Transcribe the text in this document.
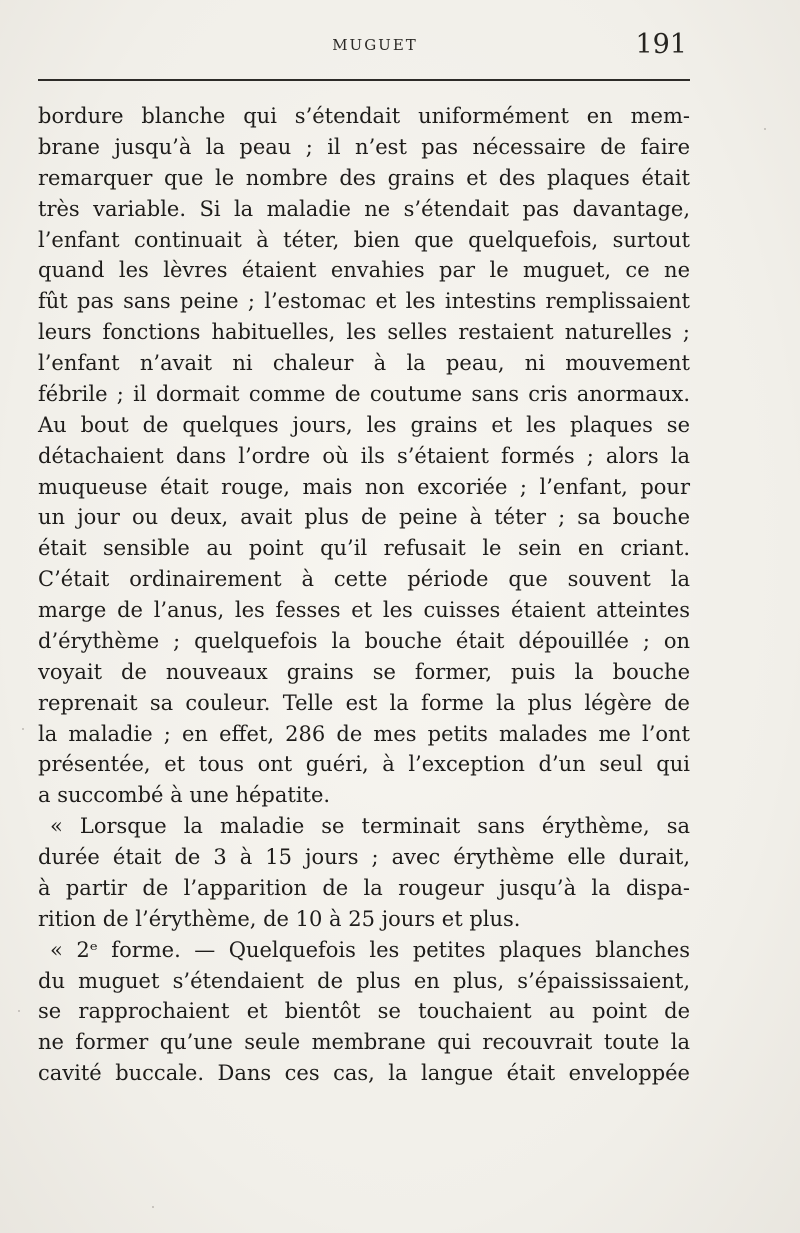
MUGUET	191
bordure blanche qui s’étendait uniformément en mem-
brane jusqu’à la peau ; il n’est pas nécessaire de faire
remarquer que le nombre des grains et des plaques était
très variable. Si la maladie ne s’étendait pas davantage,
l’enfant continuait à téter, bien que quelquefois, surtout
quand les lèvres étaient envahies par le muguet, ce ne
fût pas sans peine ; l’estomac et les intestins remplissaient
leurs fonctions habituelles, les selles restaient naturelles ;
l’enfant n’avait ni chaleur à la peau, ni mouvement
fébrile ; il dormait comme de coutume sans cris anormaux.
Au bout de quelques jours, les grains et les plaques se
détachaient dans l’ordre où ils s’étaient formés ; alors la
muqueuse était rouge, mais non excoriée ; l’enfant, pour
un jour ou deux, avait plus de peine à téter ; sa bouche
était sensible au point qu’il refusait le sein en criant.
C’était ordinairement à cette période que souvent la
marge de l’anus, les fesses et les cuisses étaient atteintes
d’érythème ; quelquefois la bouche était dépouillée ; on
voyait de nouveaux grains se former, puis la bouche
reprenait sa couleur. Telle est la forme la plus légère de
la maladie ; en effet, 286 de mes petits malades me l’ont
présentée, et tous ont guéri, à l’exception d’un seul qui
a succombé à une hépatite.
« Lorsque la maladie se terminait sans érythème, sa
durée était de 3 à 15 jours ; avec érythème elle durait,
à partir de l’apparition de la rougeur jusqu’à la dispa-
rition de l’érythème, de 10 à 25 jours et plus.
« 2ᵉ forme. — Quelquefois les petites plaques blanches
du muguet s’étendaient de plus en plus, s’épaississaient,
se rapprochaient et bientôt se touchaient au point de
ne former qu’une seule membrane qui recouvrait toute la
cavité buccale. Dans ces cas, la langue était enveloppée
